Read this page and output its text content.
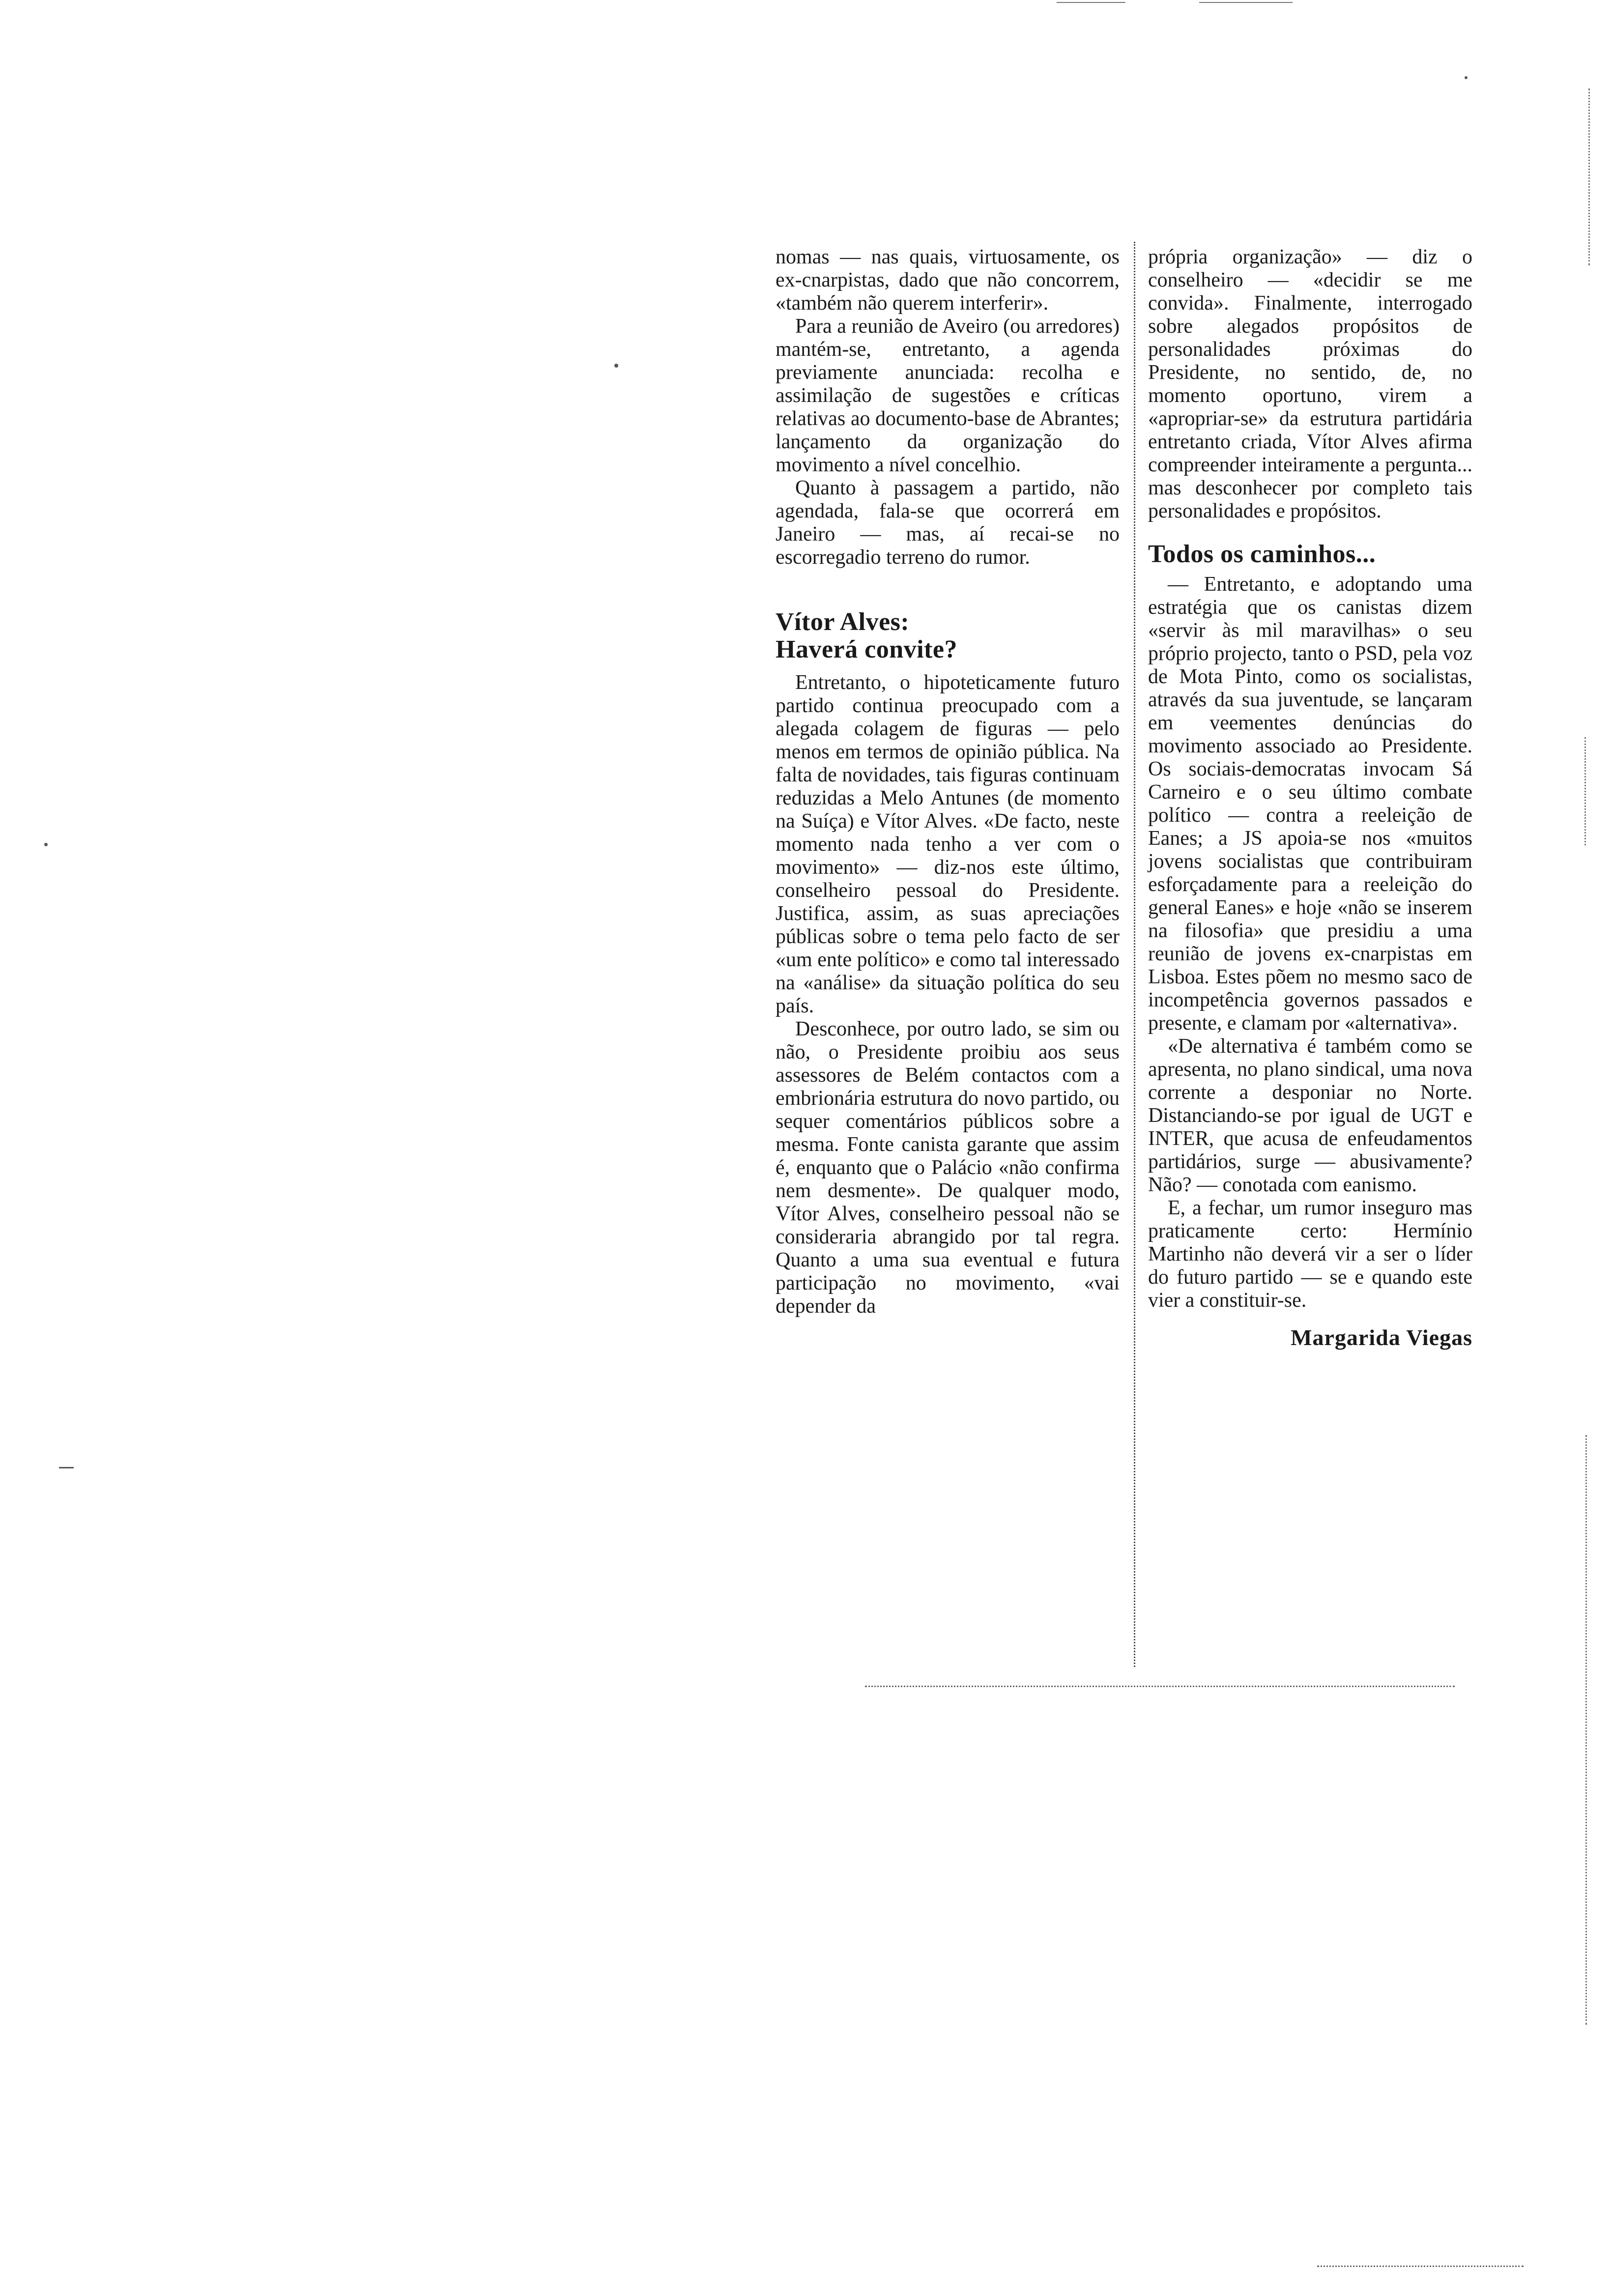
nomas — nas quais, virtuosamente, os ex-cnarpistas, dado que não concorrem, «também não querem interferir».

Para a reunião de Aveiro (ou arredores) mantém-se, entretanto, a agenda previamente anunciada: recolha e assimilação de sugestões e críticas relativas ao documento-base de Abrantes; lançamento da organização do movimento a nível concelhio.

Quanto à passagem a partido, não agendada, fala-se que ocorrerá em Janeiro — mas, aí recai-se no escorregadio terreno do rumor.

Vítor Alves:
Haverá convite?

Entretanto, o hipoteticamente futuro partido continua preocupado com a alegada colagem de figuras — pelo menos em termos de opinião pública. Na falta de novidades, tais figuras continuam reduzidas a Melo Antunes (de momento na Suíça) e Vítor Alves. «De facto, neste momento nada tenho a ver com o movimento» — diz-nos este último, conselheiro pessoal do Presidente. Justifica, assim, as suas apreciações públicas sobre o tema pelo facto de ser «um ente político» e como tal interessado na «análise» da situação política do seu país.

Desconhece, por outro lado, se sim ou não, o Presidente proibiu aos seus assessores de Belém contactos com a embrionária estrutura do novo partido, ou sequer comentários públicos sobre a mesma. Fonte canista garante que assim é, enquanto que o Palácio «não confirma nem desmente». De qualquer modo, Vítor Alves, conselheiro pessoal não se consideraria abrangido por tal regra. Quanto a uma sua eventual e futura participação no movimento, «vai depender da

própria organização» — diz o conselheiro — «decidir se me convida». Finalmente, interrogado sobre alegados propósitos de personalidades próximas do Presidente, no sentido, de, no momento oportuno, virem a «apropriar-se» da estrutura partidária entretanto criada, Vítor Alves afirma compreender inteiramente a pergunta... mas desconhecer por completo tais personalidades e propósitos.

Todos os caminhos...

— Entretanto, e adoptando uma estratégia que os canistas dizem «servir às mil maravilhas» o seu próprio projecto, tanto o PSD, pela voz de Mota Pinto, como os socialistas, através da sua juventude, se lançaram em veementes denúncias do movimento associado ao Presidente. Os sociais-democratas invocam Sá Carneiro e o seu último combate político — contra a reeleição de Eanes; a JS apoia-se nos «muitos jovens socialistas que contribuiram esforçadamente para a reeleição do general Eanes» e hoje «não se inserem na filosofia» que presidiu a uma reunião de jovens ex-cnarpistas em Lisboa. Estes põem no mesmo saco de incompetência governos passados e presente, e clamam por «alternativa».

«De alternativa é também como se apresenta, no plano sindical, uma nova corrente a desponiar no Norte. Distanciando-se por igual de UGT e INTER, que acusa de enfeudamentos partidários, surge — abusivamente? Não? — conotada com eanismo.

E, a fechar, um rumor inseguro mas praticamente certo: Hermínio Martinho não deverá vir a ser o líder do futuro partido — se e quando este vier a constituir-se.

Margarida Viegas
